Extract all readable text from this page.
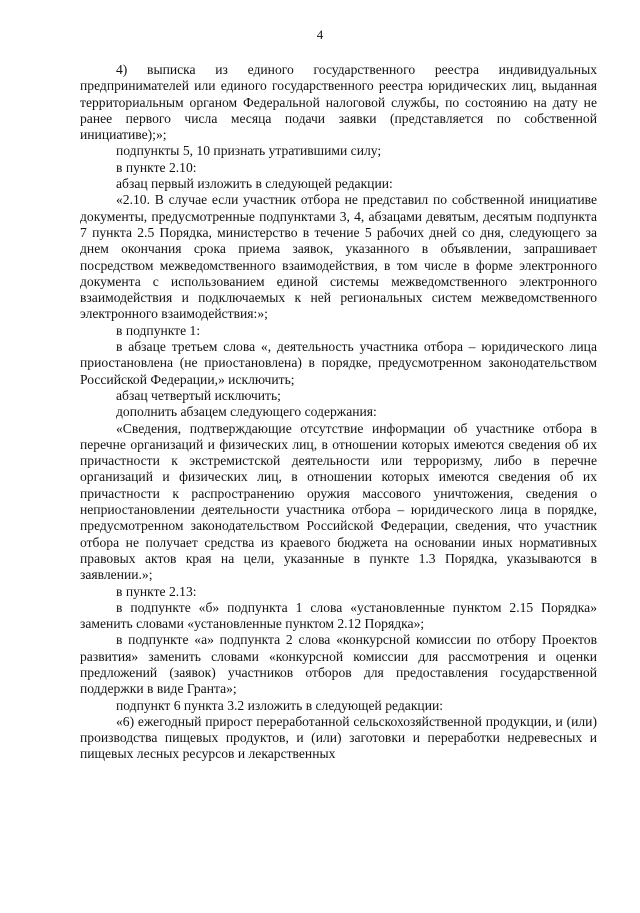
4

4) выписка из единого государственного реестра индивидуальных предпринимателей или единого государственного реестра юридических лиц, выданная территориальным органом Федеральной налоговой службы, по состоянию на дату не ранее первого числа месяца подачи заявки (представляется по собственной инициативе);»;

подпункты 5, 10 признать утратившими силу;

в пункте 2.10:

абзац первый изложить в следующей редакции:

«2.10. В случае если участник отбора не представил по собственной инициативе документы, предусмотренные подпунктами 3, 4, абзацами девятым, десятым подпункта 7 пункта 2.5 Порядка, министерство в течение 5 рабочих дней со дня, следующего за днем окончания срока приема заявок, указанного в объявлении, запрашивает посредством межведомственного взаимодействия, в том числе в форме электронного документа с использованием единой системы межведомственного электронного взаимодействия и подключаемых к ней региональных систем межведомственного электронного взаимодействия:»;

в подпункте 1:

в абзаце третьем слова «, деятельность участника отбора – юридического лица приостановлена (не приостановлена) в порядке, предусмотренном законодательством Российской Федерации,» исключить;

абзац четвертый исключить;

дополнить абзацем следующего содержания:

«Сведения, подтверждающие отсутствие информации об участнике отбора в перечне организаций и физических лиц, в отношении которых имеются сведения об их причастности к экстремистской деятельности или терроризму, либо в перечне организаций и физических лиц, в отношении которых имеются сведения об их причастности к распространению оружия массового уничтожения, сведения о неприостановлении деятельности участника отбора – юридического лица в порядке, предусмотренном законодательством Российской Федерации, сведения, что участник отбора не получает средства из краевого бюджета на основании иных нормативных правовых актов края на цели, указанные в пункте 1.3 Порядка, указываются в заявлении.»;

в пункте 2.13:

в подпункте «б» подпункта 1 слова «установленные пунктом 2.15 Порядка» заменить словами «установленные пунктом 2.12 Порядка»;

в подпункте «а» подпункта 2 слова «конкурсной комиссии по отбору Проектов развития» заменить словами «конкурсной комиссии для рассмотрения и оценки предложений (заявок) участников отборов для предоставления государственной поддержки в виде Гранта»;

подпункт 6 пункта 3.2 изложить в следующей редакции:

«6) ежегодный прирост переработанной сельскохозяйственной продукции, и (или) производства пищевых продуктов, и (или) заготовки и переработки недревесных и пищевых лесных ресурсов и лекарственных
